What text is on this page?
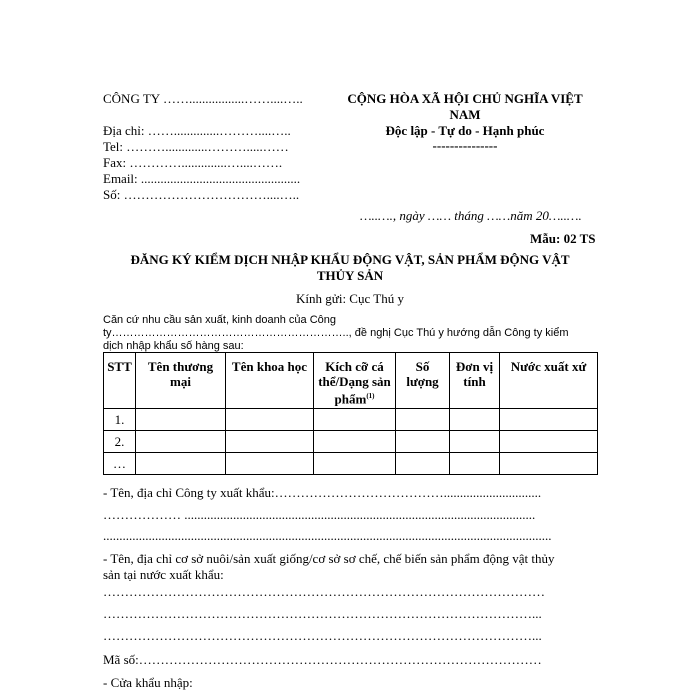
CÔNG TY …….................……....…..
Địa chỉ: ……..............………....…..
Tel: ……….............……….....……
Fax: …………..............…....…….
Email: .................................................
Số: ……………………………....…..
CỘNG HÒA XÃ HỘI CHỦ NGHĨA VIỆT
NAM
Độc lập - Tự do - Hạnh phúc
---------------
…..…., ngày …… tháng ……năm 20…..….
Mẫu: 02 TS
ĐĂNG KÝ KIỂM DỊCH NHẬP KHẨU ĐỘNG VẬT, SẢN PHẨM ĐỘNG VẬT
THỦY SẢN
Kính gửi: Cục Thú y
Căn cứ nhu cầu sản xuất, kinh doanh của Công
ty……………………………………………………….., đề nghị Cục Thú y hướng dẫn Công ty kiểm
dịch nhập khẩu số hàng sau:
STT	Tên thương mại	Tên khoa học	Kích cỡ cá thể/Dạng sản phẩm$^{(1)}$	Số lượng	Đơn vị tính	Nước xuất xứ
1.						
2.						
…						
- Tên, địa chỉ Công ty xuất khẩu:…………………………………..............................
……………… ............................................................................................................
..........................................................................................................................................
- Tên, địa chỉ cơ sở nuôi/sản xuất giống/cơ sở sơ chế, chế biến sản phẩm động vật thủy
sản tại nước xuất khẩu:
…………………………………………………………………………………………
………………………………………………………………………………………...
………………………………………………………………………………………...
Mã số:…………………………………………………………………………………
- Cửa khẩu nhập:
